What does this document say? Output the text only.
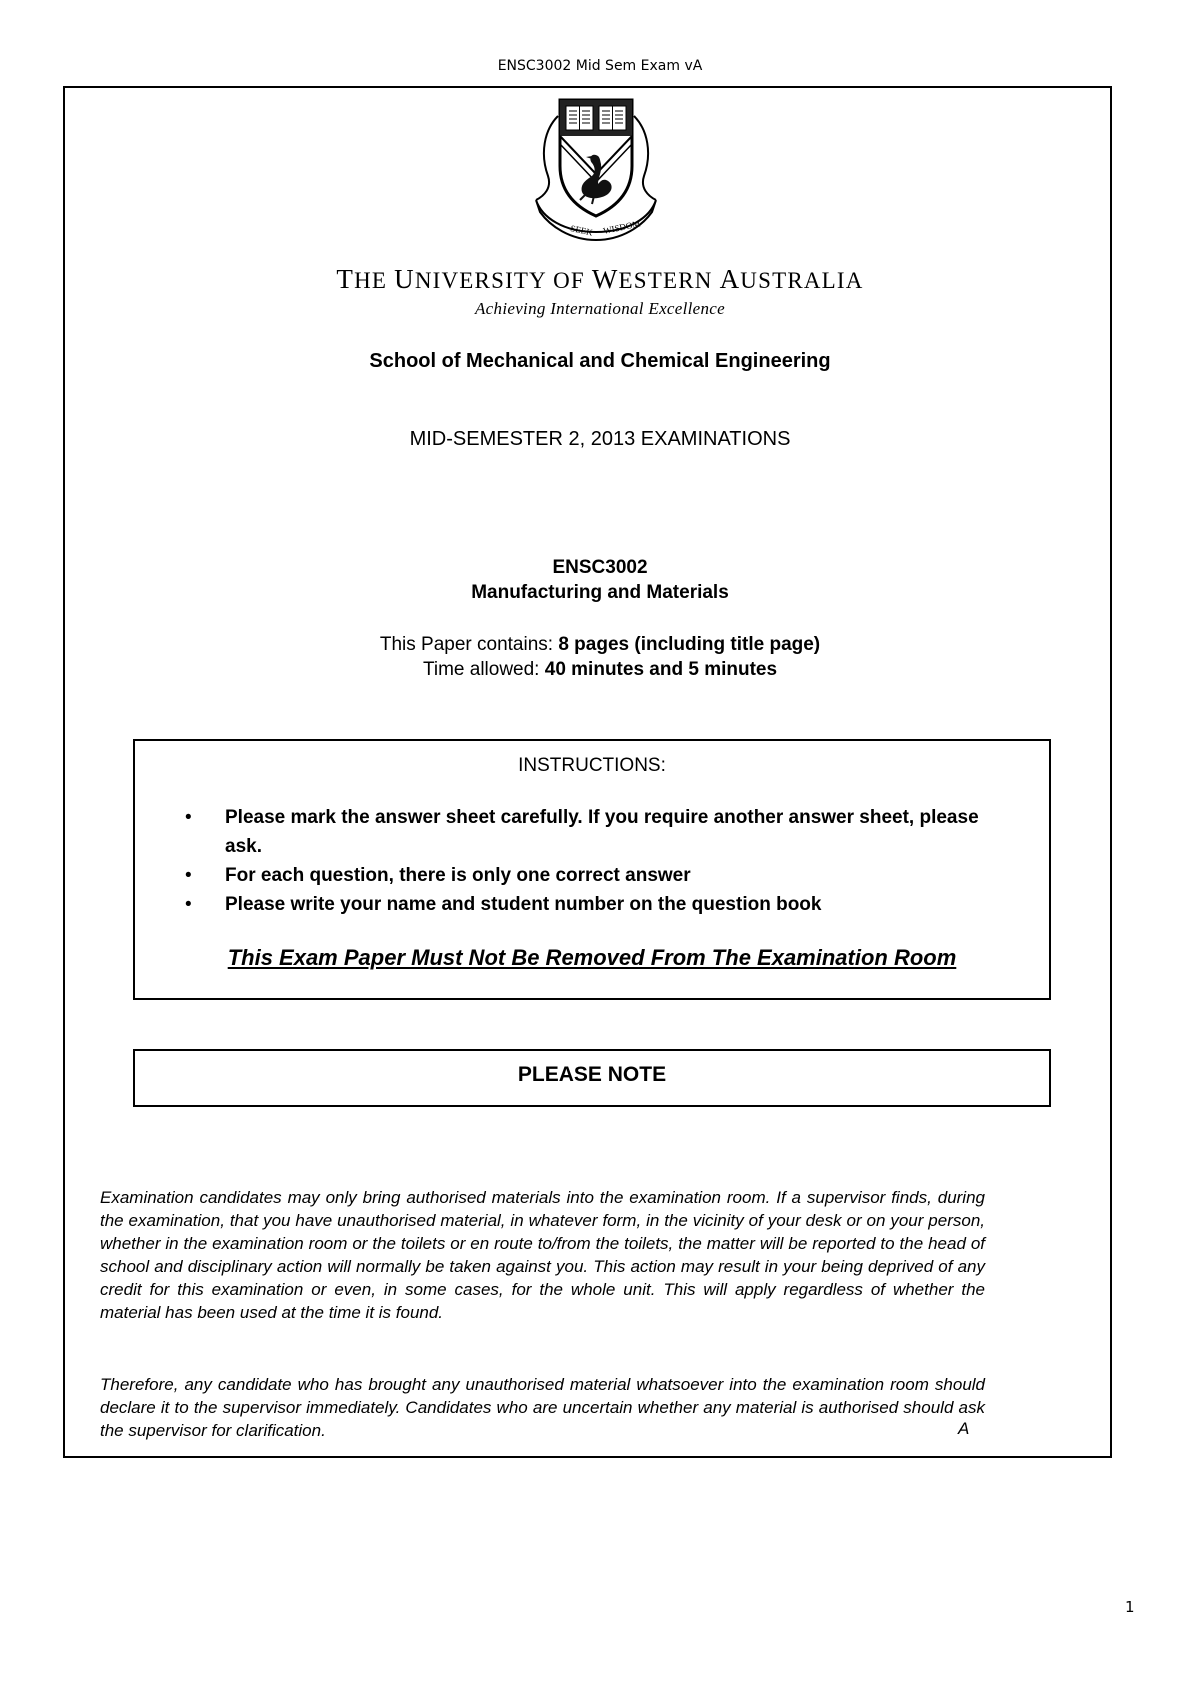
ENSC3002 Mid Sem Exam vA
SEEK WISDOM
THE UNIVERSITY OF WESTERN AUSTRALIA
Achieving International Excellence
School of Mechanical and Chemical Engineering
MID-SEMESTER 2, 2013 EXAMINATIONS
ENSC3002
Manufacturing and Materials
This Paper contains: 8 pages (including title page)
Time allowed: 40 minutes and 5 minutes
INSTRUCTIONS:
• Please mark the answer sheet carefully. If you require another answer sheet, please ask.
• For each question, there is only one correct answer
• Please write your name and student number on the question book
This Exam Paper Must Not Be Removed From The Examination Room
PLEASE NOTE
Examination candidates may only bring authorised materials into the examination room. If a supervisor finds, during the examination, that you have unauthorised material, in whatever form, in the vicinity of your desk or on your person, whether in the examination room or the toilets or en route to/from the toilets, the matter will be reported to the head of school and disciplinary action will normally be taken against you. This action may result in your being deprived of any credit for this examination or even, in some cases, for the whole unit. This will apply regardless of whether the material has been used at the time it is found.
Therefore, any candidate who has brought any unauthorised material whatsoever into the examination room should declare it to the supervisor immediately. Candidates who are uncertain whether any material is authorised should ask the supervisor for clarification.	A
1
